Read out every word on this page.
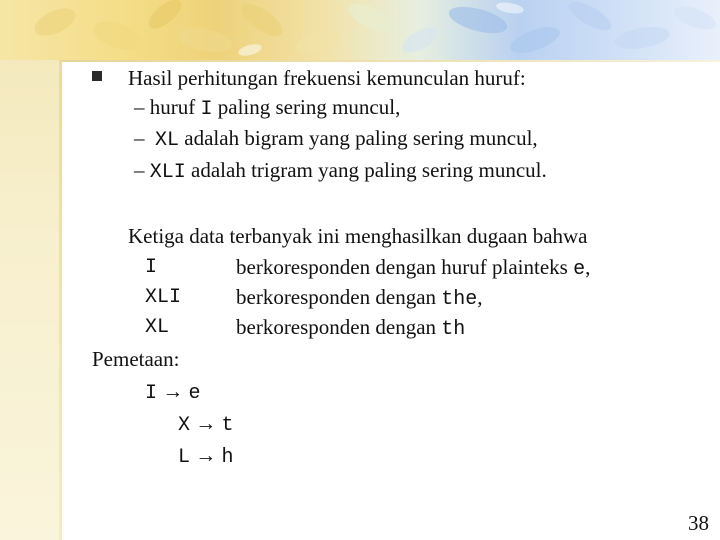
Hasil perhitungan frekuensi kemunculan huruf:
– huruf I paling sering muncul,
– XL adalah bigram yang paling sering muncul,
– XLI adalah trigram yang paling sering muncul.
Ketiga data terbanyak ini menghasilkan dugaan bahwa
I	berkoresponden dengan huruf plainteks e,
XLI	berkoresponden dengan the,
XL	berkoresponden dengan th
Pemetaan:
I → e
X → t
L → h
38
